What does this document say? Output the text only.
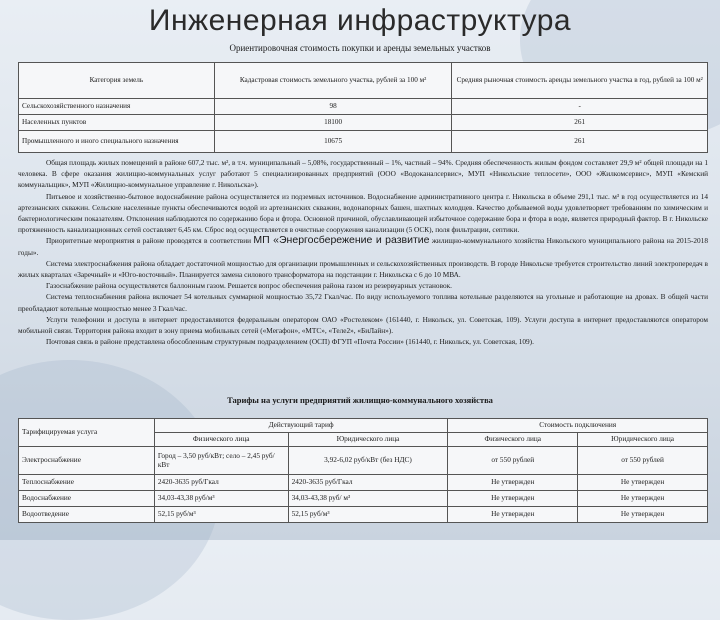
Инженерная инфраструктура
Ориентировочная стоимость покупки и аренды земельных участков
Категория земель	Кадастровая стоимость земельного участка, рублей за 100 м²	Средняя рыночная стоимость аренды земельного участка в год, рублей за 100 м²
Сельскохозяйственного назначения	98	-
Населенных пунктов	18100	261
Промышленного и иного специального назначения	10675	261

Общая площадь жилых помещений в районе 607,2 тыс. м², в т.ч. муниципальный – 5,08%, государственный – 1%, частный – 94%. Средняя обеспеченность жилым фондом составляет 29,9 м² общей площади на 1 человека. В сфере оказания жилищно-коммунальных услуг работают 5 специализированных предприятий (ООО «Водоканалсервис», МУП «Никольские теплосети», ООО «Жилкомсервис», МУП «Кемский коммунальщик», МУП «Жилищно-коммунальное управление г. Никольска»).

Питьевое и хозяйственно-бытовое водоснабжение района осуществляется из подземных источников. Водоснабжение административного центра г. Никольска в объеме 291,1 тыс. м³ в год осуществляется из 14 артезианских скважин. Сельские населенные пункты обеспечиваются водой из артезианских скважин, водонапорных башен, шахтных колодцев. Качество добываемой воды удовлетворяет требованиям по химическим и бактериологическим показателям. Отклонения наблюдаются по содержанию бора и фтора. Основной причиной, обуславливающей избыточное содержание бора и фтора в воде, является природный фактор. В г. Никольске протяженность канализационных сетей составляет 6,45 км. Сброс вод осуществляется в очистные сооружения канализации (5 ОСК), поля фильтрации, септики.

Приоритетные мероприятия в районе проводятся в соответствии МП «Энергосбережение и развитие жилищно-коммунального хозяйства Никольского муниципального района на 2015-2018 годы».

Система электроснабжения района обладает достаточной мощностью для организации промышленных и сельскохозяйственных производств. В городе Никольске требуется строительство линий электропередач в жилых кварталах «Заречный» и «Юго-восточный». Планируется замена силового трансформатора на подстанции г. Никольска с 6 до 10 МВА.

Газоснабжение района осуществляется баллонным газом. Решается вопрос обеспечения района газом из резервуарных установок.

Система теплоснабжения района включает 54 котельных суммарной мощностью 35,72 Гкал/час. По виду используемого топлива котельные разделяются на угольные и работающие на дровах. В общей части преобладают котельные мощностью менее 3 Гкал/час.

Услуги телефонии и доступа в интернет предоставляются федеральным оператором ОАО «Ростелеком» (161440, г. Никольск, ул. Советская, 109). Услуги доступа в интернет предоставляются оператором мобильной связи. Территория района входит в зону приема мобильных сетей («Мегафон», «МТС», «Теле2», «БиЛайн»).

Почтовая связь в районе представлена обособленным структурным подразделением (ОСП) ФГУП «Почта России» (161440, г. Никольск, ул. Советская, 109).

Тарифы на услуги предприятий жилищно-коммунального хозяйства
Тарифицируемая услуга	Действующий тариф		Стоимость подключения	
	Физического лица	Юридического лица	Физического лица	Юридического лица
Электроснабжение	Город – 3,50 руб/кВт; село – 2,45 руб/кВт	3,92-6,02 руб/кВт (без НДС)	от 550 рублей	от 550 рублей
Теплоснабжение	2420-3635 руб/Гкал	2420-3635 руб/Гкал	Не утвержден	Не утвержден
Водоснабжение	34,03-43,38 руб/м³	34,03-43,38 руб/ м³	Не утвержден	Не утвержден
Водоотведение	52,15 руб/м³	52,15 руб/м³	Не утвержден	Не утвержден
